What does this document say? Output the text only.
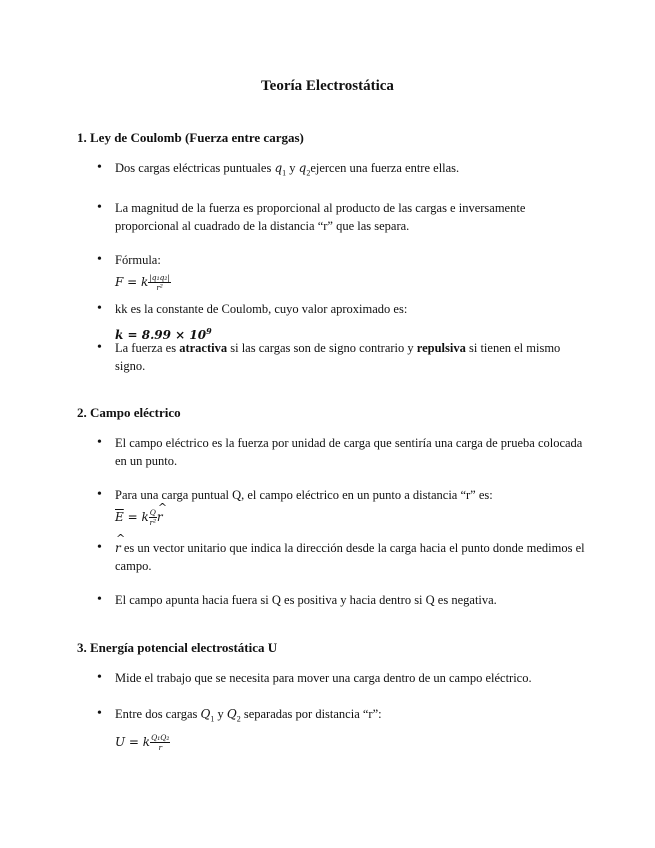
Teoría Electrostática
1. Ley de Coulomb (Fuerza entre cargas)
• Dos cargas eléctricas puntuales $q_1$ y $q_2ejercen$ una fuerza entre ellas.
• La magnitud de la fuerza es proporcional al producto de las cargas e inversamente proporcional al cuadrado de la distancia “r” que las separa.
• Fórmula:
F = k $\frac{\text{|q₁q₂|}}{\text{r²}}$
• kk es la constante de Coulomb, cuyo valor aproximado es:
$k = 8.99 \times 10^9$
• La fuerza es atractiva si las cargas son de signo contrario y repulsiva si tienen el mismo signo.
2. Campo eléctrico
• El campo eléctrico es la fuerza por unidad de carga que sentiría una carga de prueba colocada en un punto.
• Para una carga puntual Q, el campo eléctrico en un punto a distancia “r” es:
$\overline{E} = k \frac{Q}{\text{r²}}$ ^ r
• ^ r es un vector unitario que indica la dirección desde la carga hacia el punto donde medimos el campo.
• El campo apunta hacia fuera si Q es positiva y hacia dentro si Q es negativa.
3. Energía potencial electrostática U
• Mide el trabajo que se necesita para mover una carga dentro de un campo eléctrico.
• Entre dos cargas $Q_1$ y $Q_2$ separadas por distancia “r”:
U = k $\frac{\text{Q₁Q₂}}{r}$
